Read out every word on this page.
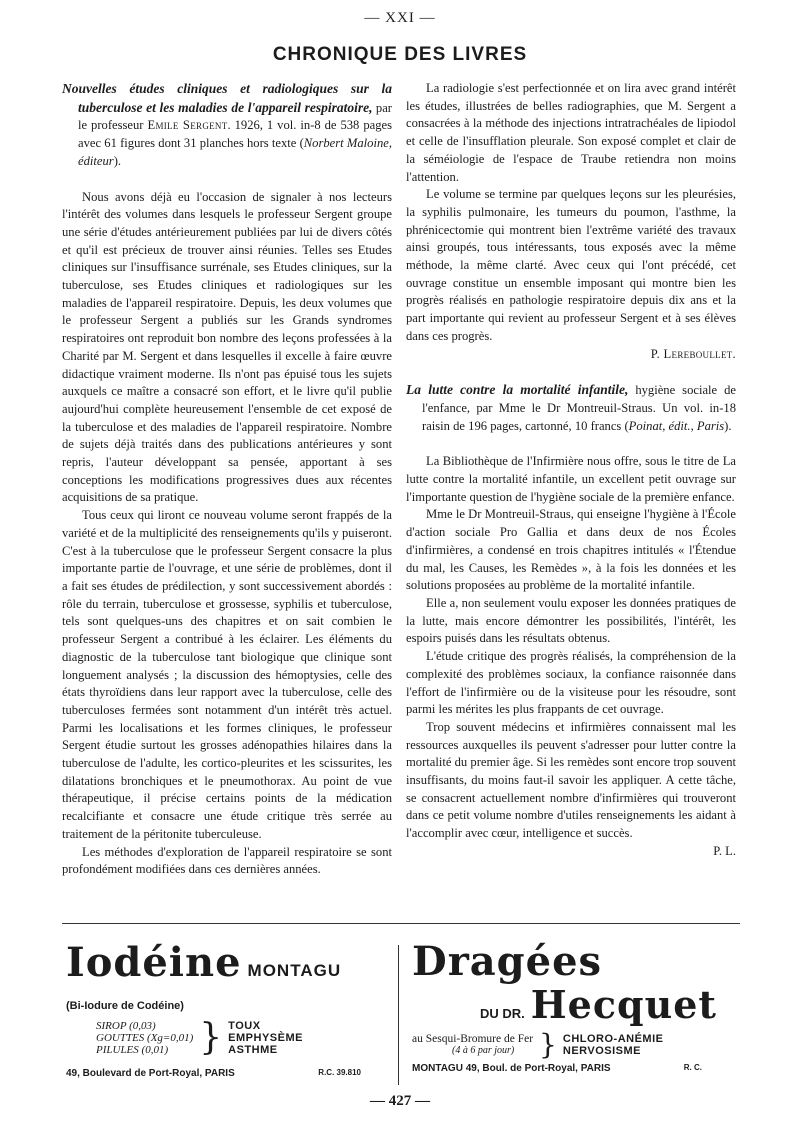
— XXI —
CHRONIQUE DES LIVRES
Nouvelles études cliniques et radiologiques sur la tuberculose et les maladies de l'appareil respiratoire, par le professeur Emile Sergent. 1926, 1 vol. in-8 de 538 pages avec 61 figures dont 31 planches hors texte (Norbert Maloine, éditeur).

Nous avons déjà eu l'occasion de signaler à nos lecteurs l'intérêt des volumes dans lesquels le professeur Sergent groupe une série d'études antérieurement publiées par lui de divers côtés et qu'il est précieux de trouver ainsi réunies. Telles ses Etudes cliniques sur l'insuffisance surrénale, ses Etudes cliniques, sur la tuberculose, ses Etudes cliniques et radiologiques sur les maladies de l'appareil respiratoire. Depuis, les deux volumes que le professeur Sergent a publiés sur les Grands syndromes respiratoires ont reproduit bon nombre des leçons professées à la Charité par M. Sergent et dans lesquelles il excelle à faire œuvre didactique vraiment moderne. Ils n'ont pas épuisé tous les sujets auxquels ce maître a consacré son effort, et le livre qu'il publie aujourd'hui complète heureusement l'ensemble de cet exposé de la tuberculose et des maladies de l'appareil respiratoire. Nombre de sujets déjà traités dans des publications antérieures y sont repris, l'auteur développant sa pensée, apportant à ses conceptions les modifications progressives dues aux récentes acquisitions de sa pratique.

Tous ceux qui liront ce nouveau volume seront frappés de la variété et de la multiplicité des renseignements qu'ils y puiseront. C'est à la tuberculose que le professeur Sergent consacre la plus importante partie de l'ouvrage, et une série de problèmes, dont il a fait ses études de prédilection, y sont successivement abordés : rôle du terrain, tuberculose et grossesse, syphilis et tuberculose, tels sont quelques-uns des chapitres et on sait combien le professeur Sergent a contribué à les éclairer. Les éléments du diagnostic de la tuberculose tant biologique que clinique sont longuement analysés ; la discussion des hémoptysies, celle des états thyroïdiens dans leur rapport avec la tuberculose, celle des tuberculoses fermées sont notamment d'un intérêt très actuel. Parmi les localisations et les formes cliniques, le professeur Sergent étudie surtout les grosses adénopathies hilaires dans la tuberculose de l'adulte, les cortico-pleurites et les scissurites, les dilatations bronchiques et le pneumothorax. Au point de vue thérapeutique, il précise certains points de la médication recalcifiante et consacre une étude critique très serrée au traitement de la péritonite tuberculeuse.

Les méthodes d'exploration de l'appareil respiratoire se sont profondément modifiées dans ces dernières années.

La radiologie s'est perfectionnée et on lira avec grand intérêt les études, illustrées de belles radiographies, que M. Sergent a consacrées à la méthode des injections intratrachéales de lipiodol et celle de l'insufflation pleurale. Son exposé complet et clair de la séméiologie de l'espace de Traube retiendra non moins l'attention.

Le volume se termine par quelques leçons sur les pleurésies, la syphilis pulmonaire, les tumeurs du poumon, l'asthme, la phrénicectomie qui montrent bien l'extrême variété des travaux ainsi groupés, tous intéressants, tous exposés avec la même méthode, la même clarté. Avec ceux qui l'ont précédé, cet ouvrage constitue un ensemble imposant qui montre bien les progrès réalisés en pathologie respiratoire depuis dix ans et la part importante qui revient au professeur Sergent et à ses élèves dans ces progrès.

P. Lereboullet.
La lutte contre la mortalité infantile, hygiène sociale de l'enfance, par Mme le Dr Montreuil-Straus. Un vol. in-18 raisin de 196 pages, cartonné, 10 francs (Poinat, édit., Paris).

La Bibliothèque de l'Infirmière nous offre, sous le titre de La lutte contre la mortalité infantile, un excellent petit ouvrage sur l'importante question de l'hygiène sociale de la première enfance.

Mme le Dr Montreuil-Straus, qui enseigne l'hygiène à l'École d'action sociale Pro Gallia et dans deux de nos Écoles d'infirmières, a condensé en trois chapitres intitulés « l'Étendue du mal, les Causes, les Remèdes », à la fois les données et les solutions proposées au problème de la mortalité infantile.

Elle a, non seulement voulu exposer les données pratiques de la lutte, mais encore démontrer les possibilités, l'intérêt, les espoirs puisés dans les résultats obtenus.

L'étude critique des progrès réalisés, la compréhension de la complexité des problèmes sociaux, la confiance raisonnée dans l'effort de l'infirmière ou de la visiteuse pour les résoudre, sont parmi les mérites les plus frappants de cet ouvrage.

Trop souvent médecins et infirmières connaissent mal les ressources auxquelles ils peuvent s'adresser pour lutter contre la mortalité du premier âge. Si les remèdes sont encore trop souvent insuffisants, du moins faut-il savoir les appliquer. A cette tâche, se consacrent actuellement nombre d'infirmières qui trouveront dans ce petit volume nombre d'utiles renseignements les aidant à l'accomplir avec cœur, intelligence et succès.

P. L.
Iodéine MONTAGU
(Bi-Iodure de Codéine)
SIROP (0,03)
GOUTTES (Xg=0,01)
PILULES (0,01) } TOUX
EMPHYSÈME
ASTHME
49, Boulevard de Port-Royal, PARIS	R.C. 39.810
Dragées
DU DR. Hecquet
au Sesqui-Bromure de Fer
(4 à 6 par jour) } CHLORO-ANÉMIE
NERVOSISME
MONTAGU 49, Boul. de Port-Royal, PARIS	R. C.
— 427 —
